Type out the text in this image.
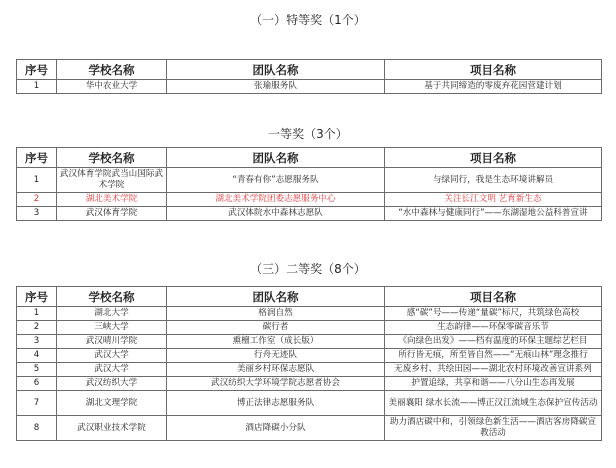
（一）特等奖（1个）
序号	学校名称	团队名称	项目名称
1	华中农业大学	张瑜服务队	基于共同缔造的零废弃花园营建计划
一等奖（3个）
序号	学校名称	团队名称	项目名称
1	武汉体育学院武当山国际武术学院	“青春有你”志愿服务队	与绿同行，我是生态环境讲解员
2	湖北美术学院	湖北美术学院团委志愿服务中心	关注长江文明 艺育新生态
3	武汉体育学院	武汉体院水中森林志愿队	“水中森林与健康同行”——东湖湿地公益科普宣讲
（三）二等奖（8个）
序号	学校名称	团队名称	项目名称
1	湖北大学	格润自然	感“碳”号——传递“量碳”标尺，共筑绿色高校
2	三峡大学	碳行者	生态韵律——环保零碳音乐节
3	武汉晴川学院	熏檀工作室（成长版）	《向绿色出发》——档有温度的环保主题综艺栏目
4	武汉大学	行舟无迹队	所行皆无痕，所至皆自然——“无痕山林”理念推行
5	武汉大学	美丽乡村环保志愿队	无废乡村、共绘田园——湖北农村环境改善宣讲系列
6	武汉纺织大学	武汉纺织大学环境学院志愿者协会	护置追绿，共享和谐——八分山生态再发展
7	湖北文理学院	博正法律志愿服务队	美丽襄阳 绿水长流——博正汉江流域生态保护宣传活动
8	武汉职业技术学院	酒店降碳小分队	助力酒店碳中和，引领绿色新生活——酒店客房降碳宣教活动
